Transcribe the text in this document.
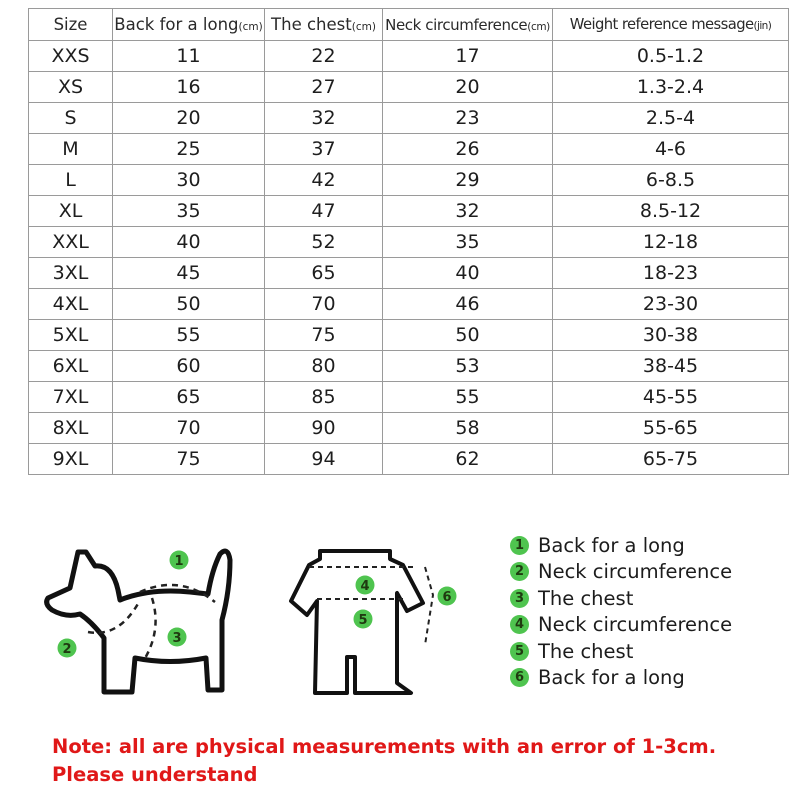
Size	Back for a long(cm)	The chest(cm)	Neck circumference(cm)	Weight reference message(jin)
XXS	11	22	17	0.5-1.2
XS	16	27	20	1.3-2.4
S	20	32	23	2.5-4
M	25	37	26	4-6
L	30	42	29	6-8.5
XL	35	47	32	8.5-12
XXL	40	52	35	12-18
3XL	45	65	40	18-23
4XL	50	70	46	23-30
5XL	55	75	50	30-38
6XL	60	80	53	38-45
7XL	65	85	55	45-55
8XL	70	90	58	55-65
9XL	75	94	62	65-75
1
2
3
4
5
6
1 Back for a long
2 Neck circumference
3 The chest
4 Neck circumference
5 The chest
6 Back for a long

Note: all are physical measurements with an error of 1-3cm. Please understand
